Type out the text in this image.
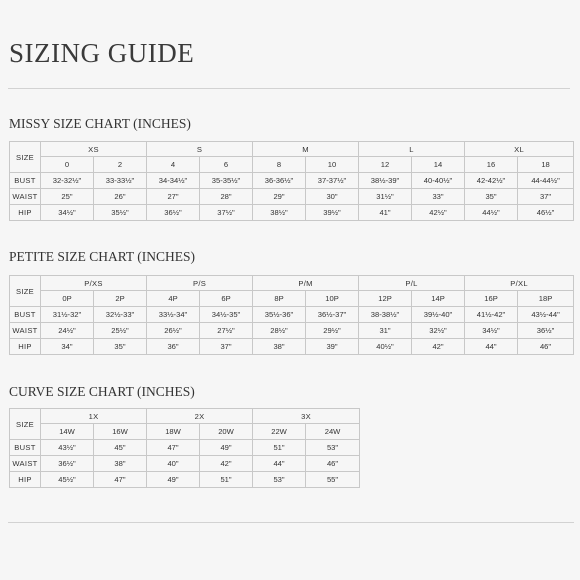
SIZING GUIDE
MISSY SIZE CHART (INCHES)
SIZE	XS		S		M		L		XL	
	0	2	4	6	8	10	12	14	16	18
BUST	32-32½"	33-33½"	34-34½"	35-35½"	36-36½"	37-37½"	38½-39"	40-40½"	42-42½"	44-44½"
WAIST	25"	26"	27"	28"	29"	30"	31½"	33"	35"	37"
HIP	34½"	35½"	36½"	37½"	38½"	39½"	41"	42½"	44½"	46½"
PETITE SIZE CHART (INCHES)
SIZE	P/XS		P/S		P/M		P/L		P/XL	
	0P	2P	4P	6P	8P	10P	12P	14P	16P	18P
BUST	31½-32"	32½-33"	33½-34"	34½-35"	35½-36"	36½-37"	38-38½"	39½-40"	41½-42"	43½-44"
WAIST	24½"	25½"	26½"	27½"	28½"	29½"	31"	32½"	34½"	36½"
HIP	34"	35"	36"	37"	38"	39"	40½"	42"	44"	46"
CURVE SIZE CHART (INCHES)
SIZE	1X		2X		3X	
	14W	16W	18W	20W	22W	24W
BUST	43½"	45"	47"	49"	51"	53"
WAIST	36½"	38"	40"	42"	44"	46"
HIP	45½"	47"	49"	51"	53"	55"
